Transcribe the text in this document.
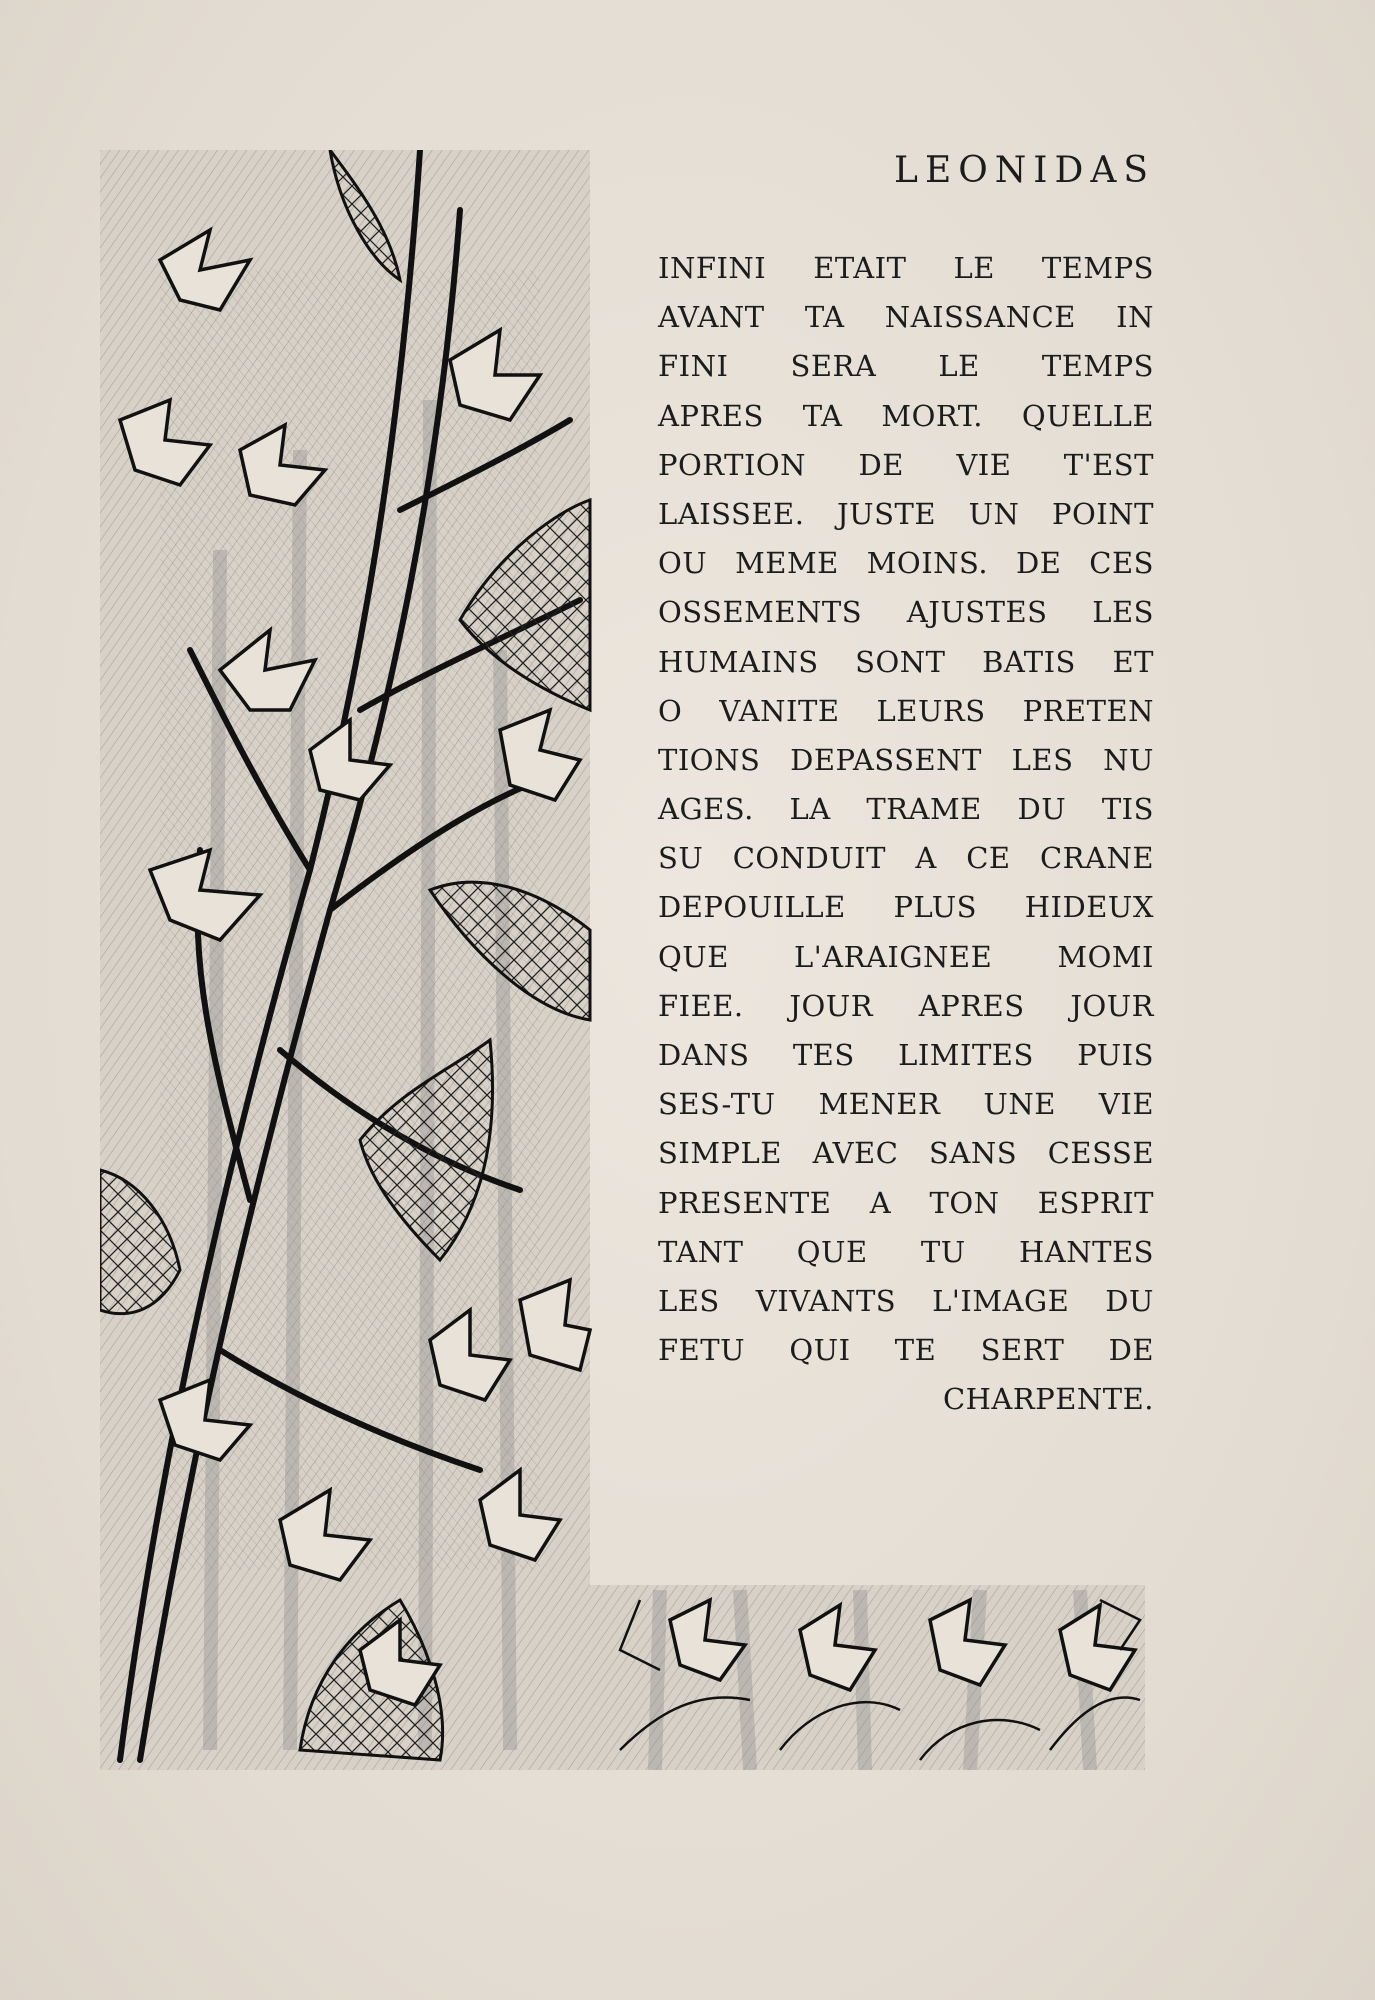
LEONIDAS
INFINI ETAIT LE TEMPS
AVANT TA NAISSANCE IN
FINI SERA LE TEMPS
APRES TA MORT. QUELLE
PORTION DE VIE T'EST
LAISSEE. JUSTE UN POINT
OU MEME MOINS. DE CES
OSSEMENTS AJUSTES LES
HUMAINS SONT BATIS ET
O VANITE LEURS PRETEN
TIONS DEPASSENT LES NU
AGES. LA TRAME DU TIS
SU CONDUIT A CE CRANE
DEPOUILLE PLUS HIDEUX
QUE L'ARAIGNEE MOMI
FIEE. JOUR APRES JOUR
DANS TES LIMITES PUIS
SES-TU MENER UNE VIE
SIMPLE AVEC SANS CESSE
PRESENTE A TON ESPRIT
TANT QUE TU HANTES
LES VIVANTS L'IMAGE DU
FETU QUI TE SERT DE
CHARPENTE.
